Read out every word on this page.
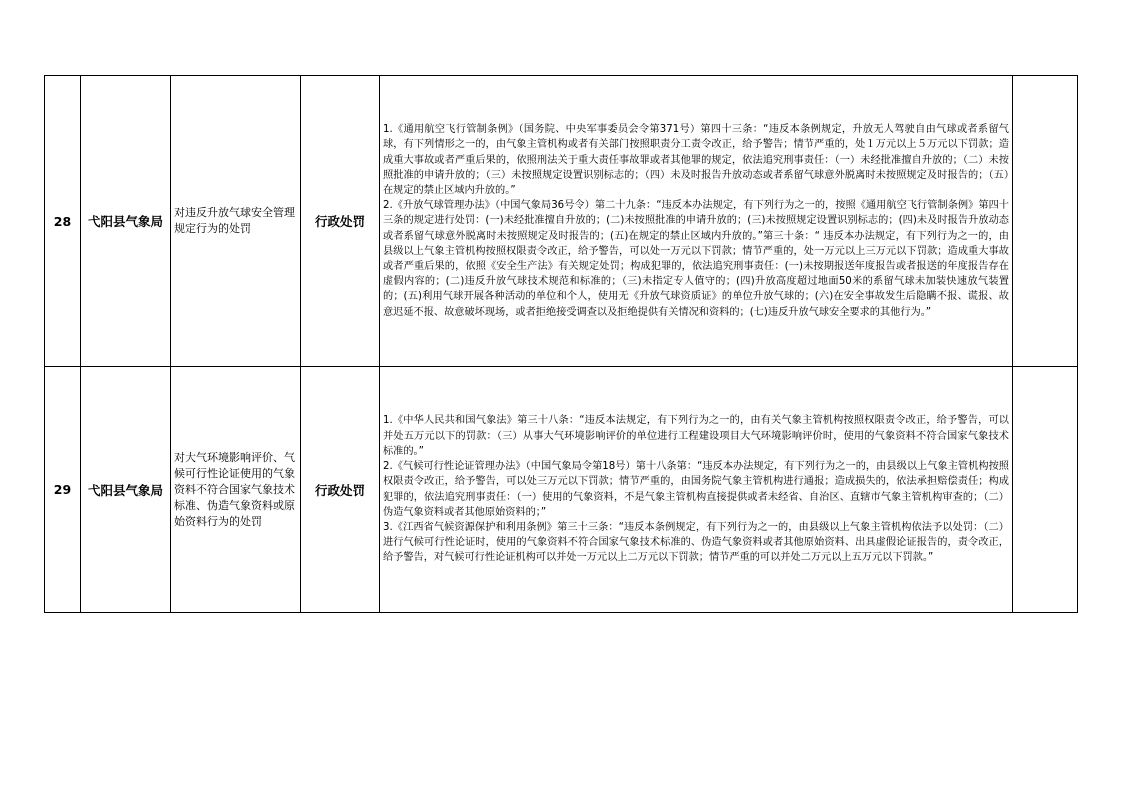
28	弋阳县气象局	对违反升放气球安全管理规定行为的处罚	行政处罚	1.《通用航空飞行管制条例》（国务院、中央军事委员会令第371号）第四十三条：“违反本条例规定，升放无人驾驶自由气球或者系留气球，有下列情形之一的，由气象主管机构或者有关部门按照职责分工责令改正，给予警告；情节严重的，处１万元以上５万元以下罚款；造成重大事故或者严重后果的，依照刑法关于重大责任事故罪或者其他罪的规定，依法追究刑事责任：（一）未经批准擅自升放的；（二）未按照批准的申请升放的；（三）未按照规定设置识别标志的；（四）未及时报告升放动态或者系留气球意外脱离时未按照规定及时报告的；（五）在规定的禁止区域内升放的。”

2.《升放气球管理办法》（中国气象局36号令）第二十九条：“违反本办法规定，有下列行为之一的，按照《通用航空飞行管制条例》第四十三条的规定进行处罚：(一)未经批准擅自升放的；(二)未按照批准的申请升放的；(三)未按照规定设置识别标志的；(四)未及时报告升放动态或者系留气球意外脱离时未按照规定及时报告的；(五)在规定的禁止区域内升放的。”第三十条：“ 违反本办法规定，有下列行为之一的，由县级以上气象主管机构按照权限责令改正，给予警告，可以处一万元以下罚款；情节严重的，处一万元以上三万元以下罚款；造成重大事故或者严重后果的，依照《安全生产法》有关规定处罚；构成犯罪的，依法追究刑事责任：(一)未按期报送年度报告或者报送的年度报告存在虚假内容的；(二)违反升放气球技术规范和标准的；（三)未指定专人值守的；(四)升放高度超过地面50米的系留气球未加装快速放气装置的；(五)利用气球开展各种活动的单位和个人，使用无《升放气球资质证》的单位升放气球的；(六)在安全事故发生后隐瞒不报、谎报、故意迟延不报、故意破坏现场，或者拒绝接受调查以及拒绝提供有关情况和资料的；(七)违反升放气球安全要求的其他行为。”	

29	弋阳县气象局	对大气环境影响评价、气候可行性论证使用的气象资料不符合国家气象技术标准、伪造气象资料或原始资料行为的处罚	行政处罚	1.《中华人民共和国气象法》第三十八条：“违反本法规定，有下列行为之一的，由有关气象主管机构按照权限责令改正，给予警告，可以并处五万元以下的罚款：（三）从事大气环境影响评价的单位进行工程建设项目大气环境影响评价时，使用的气象资料不符合国家气象技术标准的。”

2.《气候可行性论证管理办法》（中国气象局令第18号）第十八条第：“违反本办法规定，有下列行为之一的，由县级以上气象主管机构按照权限责令改正，给予警告，可以处三万元以下罚款；情节严重的，由国务院气象主管机构进行通报；造成损失的，依法承担赔偿责任；构成犯罪的，依法追究刑事责任：（一）使用的气象资料，不是气象主管机构直接提供或者未经省、自治区、直辖市气象主管机构审查的；（二）伪造气象资料或者其他原始资料的；”

3.《江西省气候资源保护和利用条例》第三十三条：“违反本条例规定，有下列行为之一的，由县级以上气象主管机构依法予以处罚：（二）进行气候可行性论证时，使用的气象资料不符合国家气象技术标准的、伪造气象资料或者其他原始资料、出具虚假论证报告的，责令改正，给予警告，对气候可行性论证机构可以并处一万元以上二万元以下罚款；情节严重的可以并处二万元以上五万元以下罚款。”	
